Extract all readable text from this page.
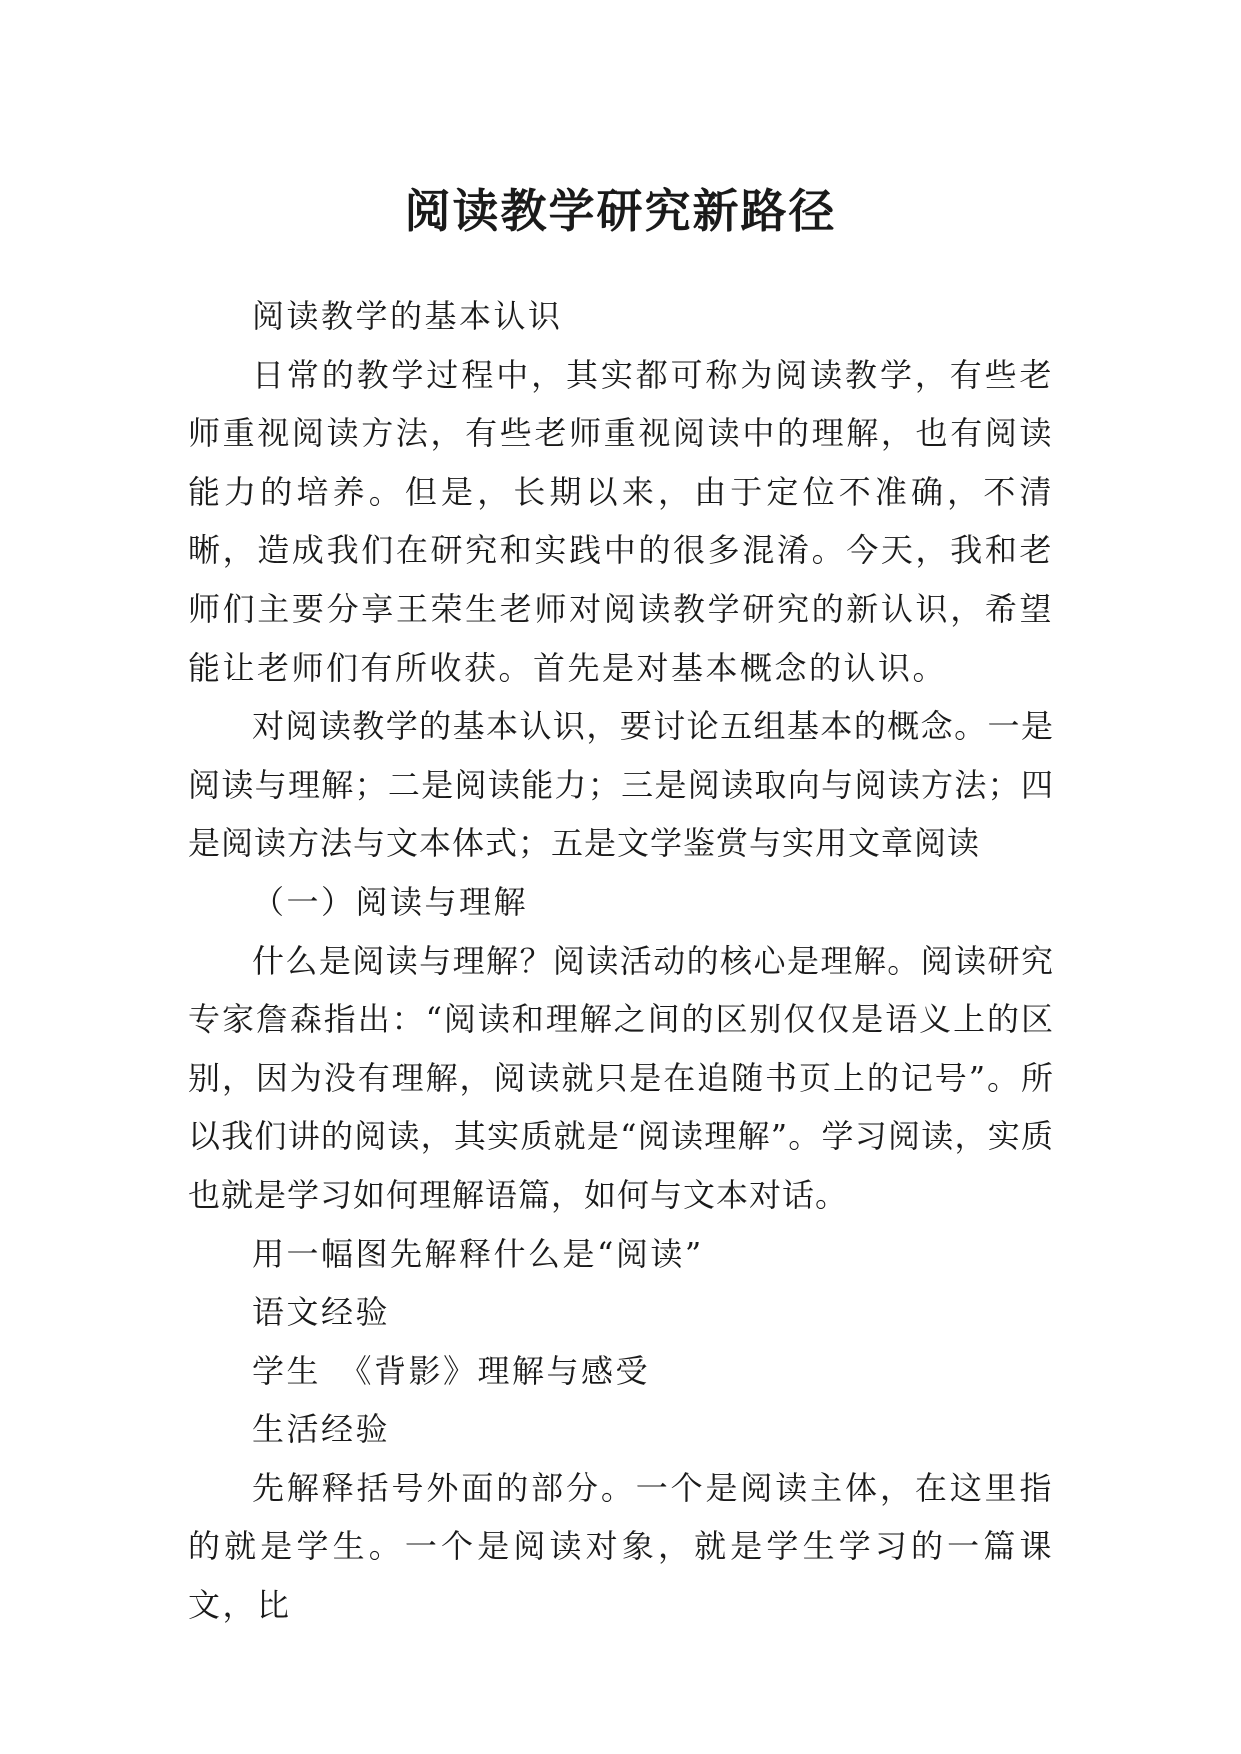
阅读教学研究新路径

阅读教学的基本认识

日常的教学过程中，其实都可称为阅读教学，有些老师重视阅读方法，有些老师重视阅读中的理解，也有阅读能力的培养。但是，长期以来，由于定位不准确，不清晰，造成我们在研究和实践中的很多混淆。今天，我和老师们主要分享王荣生老师对阅读教学研究的新认识，希望能让老师们有所收获。首先是对基本概念的认识。

对阅读教学的基本认识，要讨论五组基本的概念。一是阅读与理解；二是阅读能力；三是阅读取向与阅读方法；四是阅读方法与文本体式；五是文学鉴赏与实用文章阅读

（一）阅读与理解

什么是阅读与理解？阅读活动的核心是理解。阅读研究专家詹森指出：“阅读和理解之间的区别仅仅是语义上的区别，因为没有理解，阅读就只是在追随书页上的记号”。所以我们讲的阅读，其实质就是“阅读理解”。学习阅读，实质也就是学习如何理解语篇，如何与文本对话。

用一幅图先解释什么是“阅读”

语文经验

学生　《背影》理解与感受

生活经验

先解释括号外面的部分。一个是阅读主体，在这里指的就是学生。一个是阅读对象，就是学生学习的一篇课文，比
